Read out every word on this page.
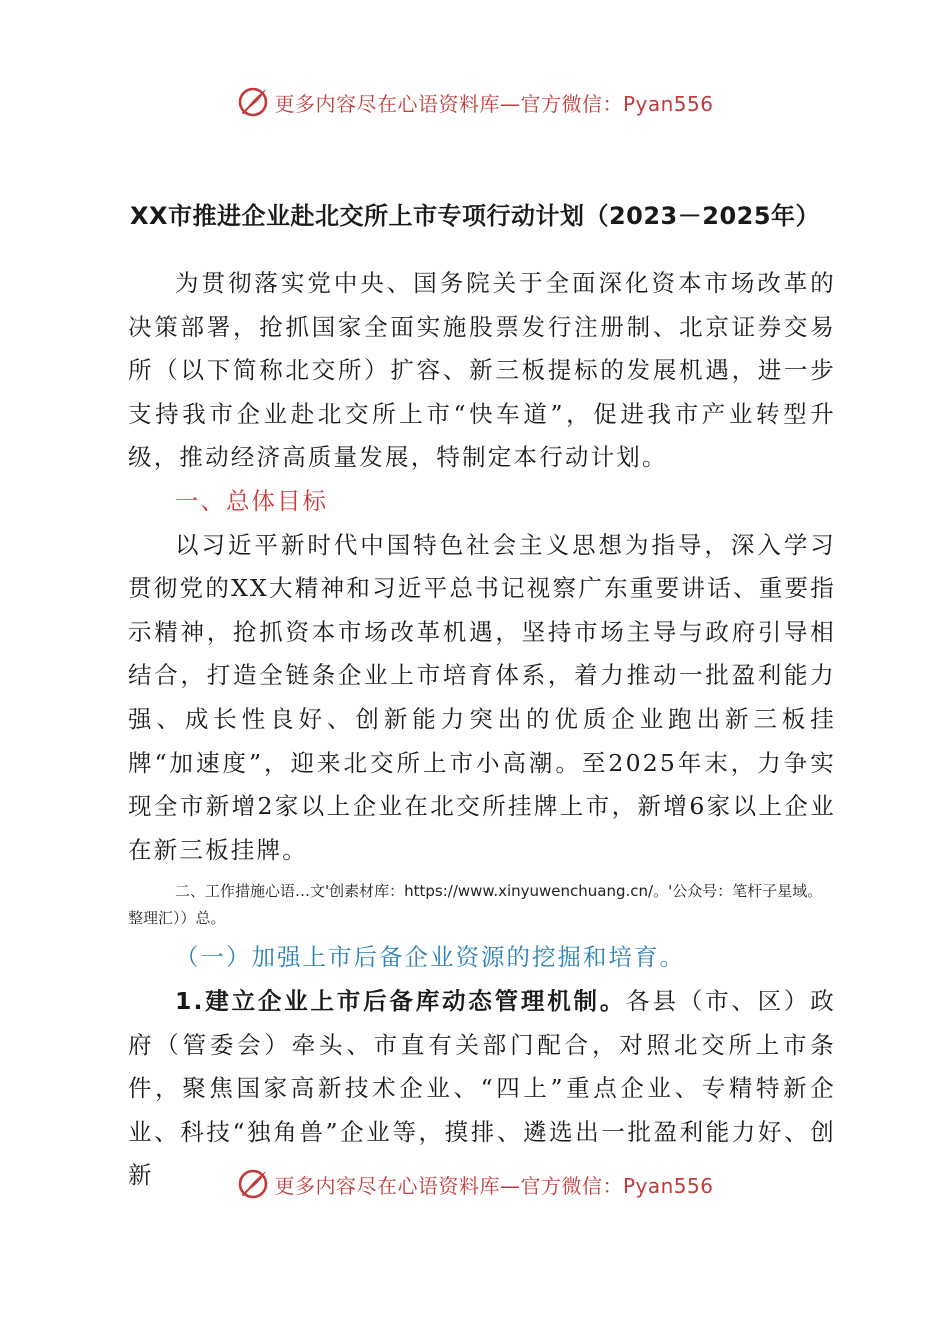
更多内容尽在心语资料库—官方微信：Pyan556
XX市推进企业赴北交所上市专项行动计划（2023－2025年）

为贯彻落实党中央、国务院关于全面深化资本市场改革的决策部署，抢抓国家全面实施股票发行注册制、北京证券交易所（以下简称北交所）扩容、新三板提标的发展机遇，进一步支持我市企业赴北交所上市“快车道”，促进我市产业转型升级，推动经济高质量发展，特制定本行动计划。

一、总体目标

以习近平新时代中国特色社会主义思想为指导，深入学习贯彻党的XX大精神和习近平总书记视察广东重要讲话、重要指示精神，抢抓资本市场改革机遇，坚持市场主导与政府引导相结合，打造全链条企业上市培育体系，着力推动一批盈利能力强、成长性良好、创新能力突出的优质企业跑出新三板挂牌“加速度”，迎来北交所上市小高潮。至2025年末，力争实现全市新增2家以上企业在北交所挂牌上市，新增6家以上企业在新三板挂牌。

二、工作措施心语…文'创素材库：https://www.xinyuwenchuang.cn/。'公众号：笔杆子星域。整理汇））总。

（一）加强上市后备企业资源的挖掘和培育。

1.建立企业上市后备库动态管理机制。各县（市、区）政府（管委会）牵头、市直有关部门配合，对照北交所上市条件，聚焦国家高新技术企业、“四上”重点企业、专精特新企业、科技“独角兽”企业等，摸排、遴选出一批盈利能力好、创新	更多内容尽在心语资料库—官方微信：Pyan556
